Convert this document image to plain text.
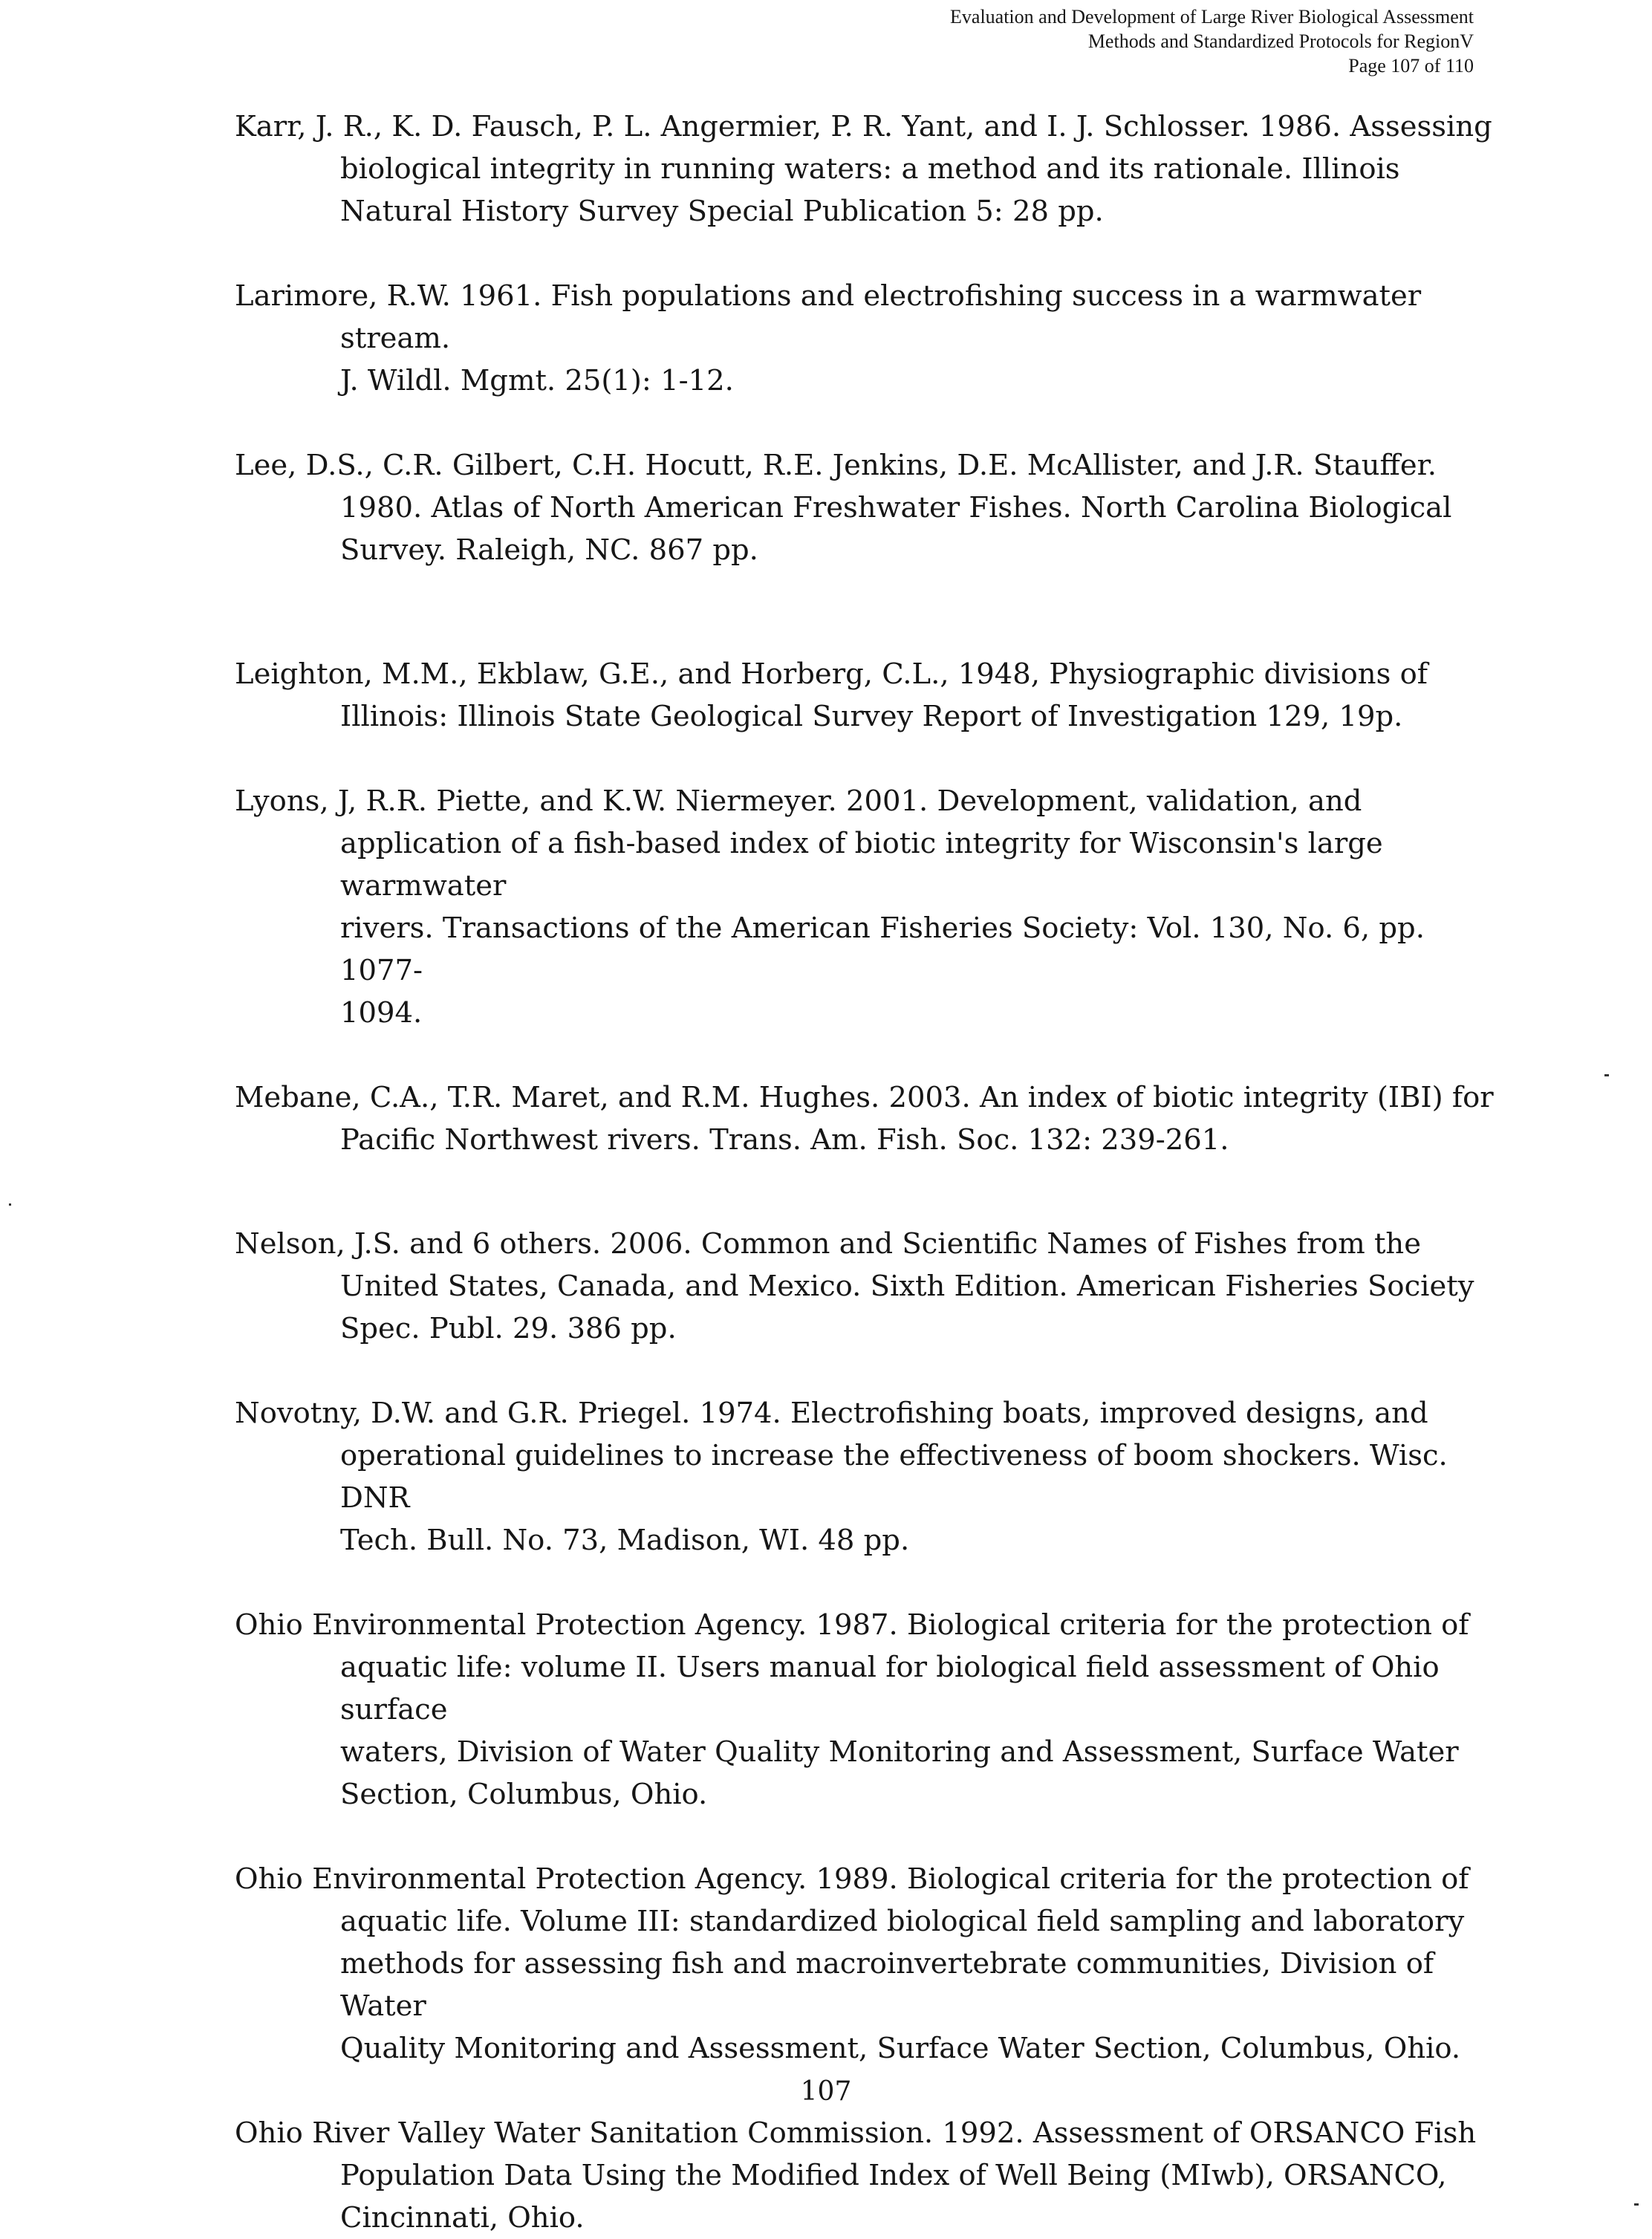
Evaluation and Development of Large River Biological Assessment
Methods and Standardized Protocols for RegionV
Page 107 of 110

Karr, J. R., K. D. Fausch, P. L. Angermier, P. R. Yant, and I. J. Schlosser. 1986. Assessing
biological integrity in running waters: a method and its rationale. Illinois
Natural History Survey Special Publication 5: 28 pp.

Larimore, R.W. 1961. Fish populations and electrofishing success in a warmwater stream.
J. Wildl. Mgmt. 25(1): 1-12.

Lee, D.S., C.R. Gilbert, C.H. Hocutt, R.E. Jenkins, D.E. McAllister, and J.R. Stauffer.
1980. Atlas of North American Freshwater Fishes. North Carolina Biological
Survey. Raleigh, NC. 867 pp.

Leighton, M.M., Ekblaw, G.E., and Horberg, C.L., 1948, Physiographic divisions of
Illinois: Illinois State Geological Survey Report of Investigation 129, 19p.

Lyons, J, R.R. Piette, and K.W. Niermeyer. 2001. Development, validation, and
application of a fish-based index of biotic integrity for Wisconsin's large warmwater
rivers. Transactions of the American Fisheries Society: Vol. 130, No. 6, pp. 1077-
1094.

Mebane, C.A., T.R. Maret, and R.M. Hughes. 2003. An index of biotic integrity (IBI) for
Pacific Northwest rivers. Trans. Am. Fish. Soc. 132: 239-261.

Nelson, J.S. and 6 others. 2006. Common and Scientific Names of Fishes from the
United States, Canada, and Mexico. Sixth Edition. American Fisheries Society
Spec. Publ. 29. 386 pp.

Novotny, D.W. and G.R. Priegel. 1974. Electrofishing boats, improved designs, and
operational guidelines to increase the effectiveness of boom shockers. Wisc. DNR
Tech. Bull. No. 73, Madison, WI. 48 pp.

Ohio Environmental Protection Agency. 1987. Biological criteria for the protection of
aquatic life: volume II. Users manual for biological field assessment of Ohio surface
waters, Division of Water Quality Monitoring and Assessment, Surface Water
Section, Columbus, Ohio.

Ohio Environmental Protection Agency. 1989. Biological criteria for the protection of
aquatic life. Volume III: standardized biological field sampling and laboratory
methods for assessing fish and macroinvertebrate communities, Division of Water
Quality Monitoring and Assessment, Surface Water Section, Columbus, Ohio.

Ohio River Valley Water Sanitation Commission. 1992. Assessment of ORSANCO Fish
Population Data Using the Modified Index of Well Being (MIwb), ORSANCO,
Cincinnati, Ohio.

107
